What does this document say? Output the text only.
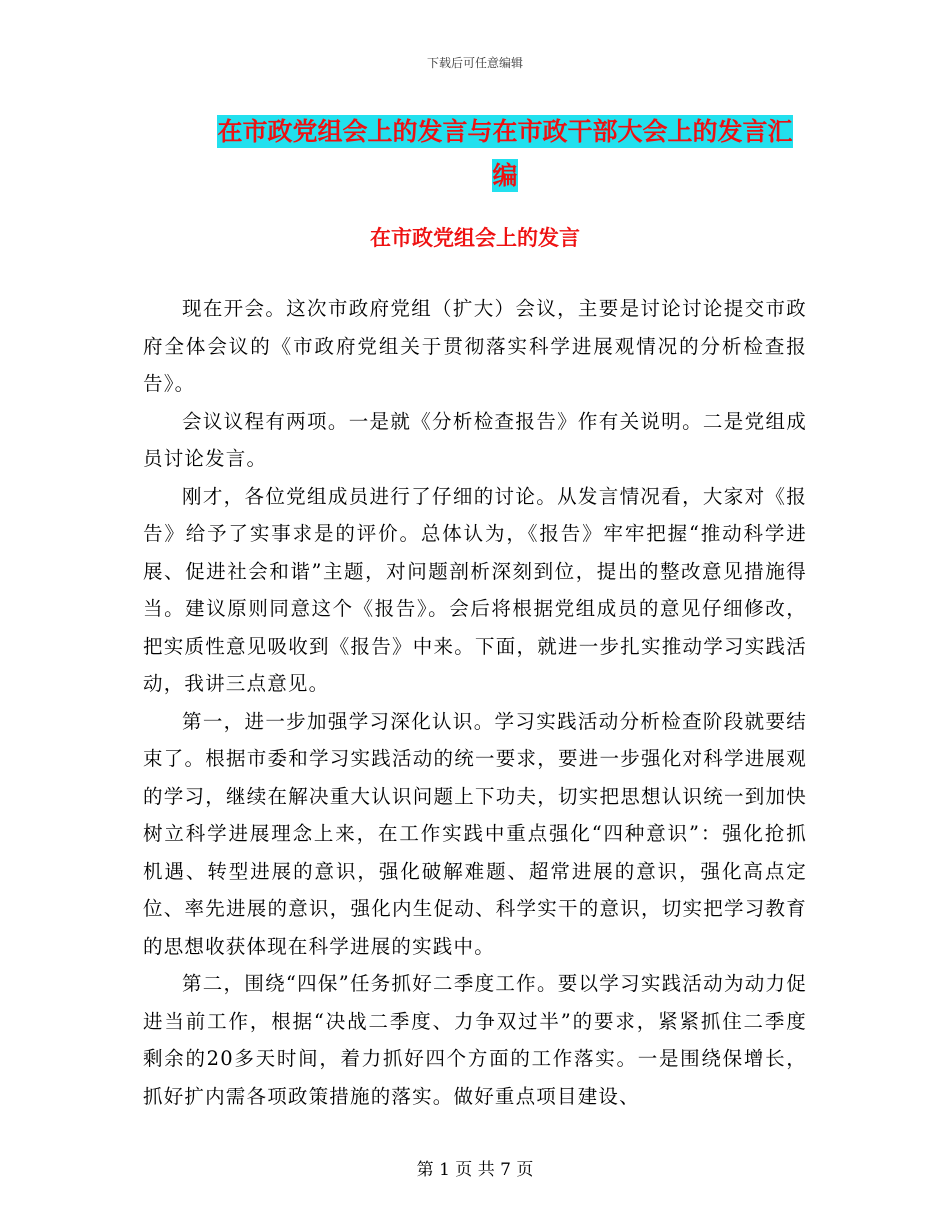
下载后可任意编辑
在市政党组会上的发言与在市政干部大会上的发言汇
编
在市政党组会上的发言

现在开会。这次市政府党组（扩大）会议，主要是讨论讨论提交市政府全体会议的《市政府党组关于贯彻落实科学进展观情况的分析检查报告》。

会议议程有两项。一是就《分析检查报告》作有关说明。二是党组成员讨论发言。

刚才，各位党组成员进行了仔细的讨论。从发言情况看，大家对《报告》给予了实事求是的评价。总体认为，《报告》牢牢把握“推动科学进展、促进社会和谐”主题，对问题剖析深刻到位，提出的整改意见措施得当。建议原则同意这个《报告》。会后将根据党组成员的意见仔细修改，把实质性意见吸收到《报告》中来。下面，就进一步扎实推动学习实践活动，我讲三点意见。

第一，进一步加强学习深化认识。学习实践活动分析检查阶段就要结束了。根据市委和学习实践活动的统一要求，要进一步强化对科学进展观的学习，继续在解决重大认识问题上下功夫，切实把思想认识统一到加快树立科学进展理念上来，在工作实践中重点强化“四种意识”：强化抢抓机遇、转型进展的意识，强化破解难题、超常进展的意识，强化高点定位、率先进展的意识，强化内生促动、科学实干的意识，切实把学习教育的思想收获体现在科学进展的实践中。

第二，围绕“四保”任务抓好二季度工作。要以学习实践活动为动力促进当前工作，根据“决战二季度、力争双过半”的要求，紧紧抓住二季度剩余的20多天时间，着力抓好四个方面的工作落实。一是围绕保增长，抓好扩内需各项政策措施的落实。做好重点项目建设、

第 1 页 共 7 页
